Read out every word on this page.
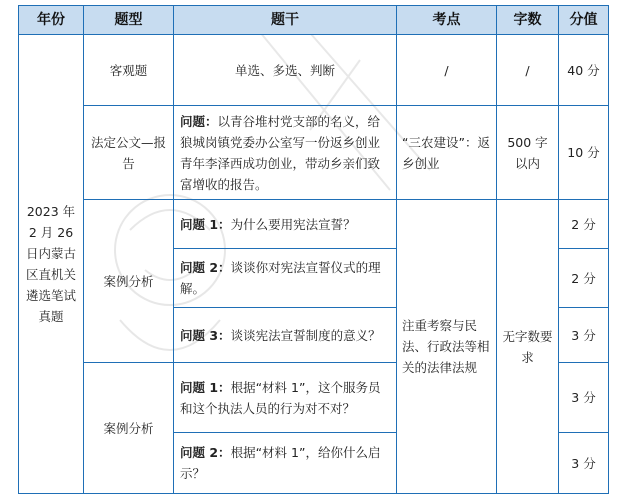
年份	题型	题干	考点	字数	分值
2023 年 2 月 26 日内蒙古区直机关遴选笔试真题	客观题	单选、多选、判断	/	/	40 分
	法定公文—报告	问题：以青谷堆村党支部的名义，给狼城岗镇党委办公室写一份返乡创业青年李泽西成功创业，带动乡亲们致富增收的报告。	“三农建设”：返乡创业	500 字以内	10 分
	案例分析	问题 1：为什么要用宪法宣誓？	注重考察与民法、行政法等相关的法律法规	无字数要求	2 分
		问题 2：谈谈你对宪法宣誓仪式的理解。			2 分
		问题 3：谈谈宪法宣誓制度的意义？			3 分
	案例分析	问题 1：根据“材料 1”，这个服务员和这个执法人员的行为对不对？			3 分
		问题 2：根据“材料 1”，给你什么启示？			3 分
